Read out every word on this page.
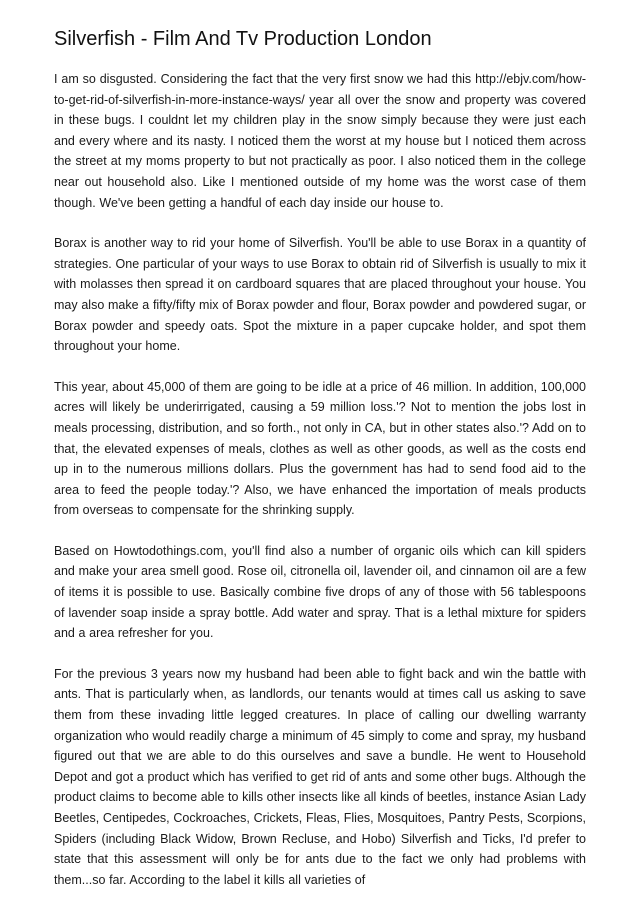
Silverfish - Film And Tv Production London

I am so disgusted. Considering the fact that the very first snow we had this http://ebjv.com/how-to-get-rid-of-silverfish-in-more-instance-ways/ year all over the snow and property was covered in these bugs. I couldnt let my children play in the snow simply because they were just each and every where and its nasty. I noticed them the worst at my house but I noticed them across the street at my moms property to but not practically as poor. I also noticed them in the college near out household also. Like I mentioned outside of my home was the worst case of them though. We've been getting a handful of each day inside our house to.

Borax is another way to rid your home of Silverfish. You'll be able to use Borax in a quantity of strategies. One particular of your ways to use Borax to obtain rid of Silverfish is usually to mix it with molasses then spread it on cardboard squares that are placed throughout your house. You may also make a fifty/fifty mix of Borax powder and flour, Borax powder and powdered sugar, or Borax powder and speedy oats. Spot the mixture in a paper cupcake holder, and spot them throughout your home.

This year, about 45,000 of them are going to be idle at a price of 46 million. In addition, 100,000 acres will likely be underirrigated, causing a 59 million loss.'? Not to mention the jobs lost in meals processing, distribution, and so forth., not only in CA, but in other states also.'? Add on to that, the elevated expenses of meals, clothes as well as other goods, as well as the costs end up in to the numerous millions dollars. Plus the government has had to send food aid to the area to feed the people today.'? Also, we have enhanced the importation of meals products from overseas to compensate for the shrinking supply.

Based on Howtodothings.com, you'll find also a number of organic oils which can kill spiders and make your area smell good. Rose oil, citronella oil, lavender oil, and cinnamon oil are a few of items it is possible to use. Basically combine five drops of any of those with 56 tablespoons of lavender soap inside a spray bottle. Add water and spray. That is a lethal mixture for spiders and a area refresher for you.

For the previous 3 years now my husband had been able to fight back and win the battle with ants. That is particularly when, as landlords, our tenants would at times call us asking to save them from these invading little legged creatures. In place of calling our dwelling warranty organization who would readily charge a minimum of 45 simply to come and spray, my husband figured out that we are able to do this ourselves and save a bundle. He went to Household Depot and got a product which has verified to get rid of ants and some other bugs. Although the product claims to become able to kills other insects like all kinds of beetles, instance Asian Lady Beetles, Centipedes, Cockroaches, Crickets, Fleas, Flies, Mosquitoes, Pantry Pests, Scorpions, Spiders (including Black Widow, Brown Recluse, and Hobo) Silverfish and Ticks, I'd prefer to state that this assessment will only be for ants due to the fact we only had problems with them...so far. According to the label it kills all varieties of
